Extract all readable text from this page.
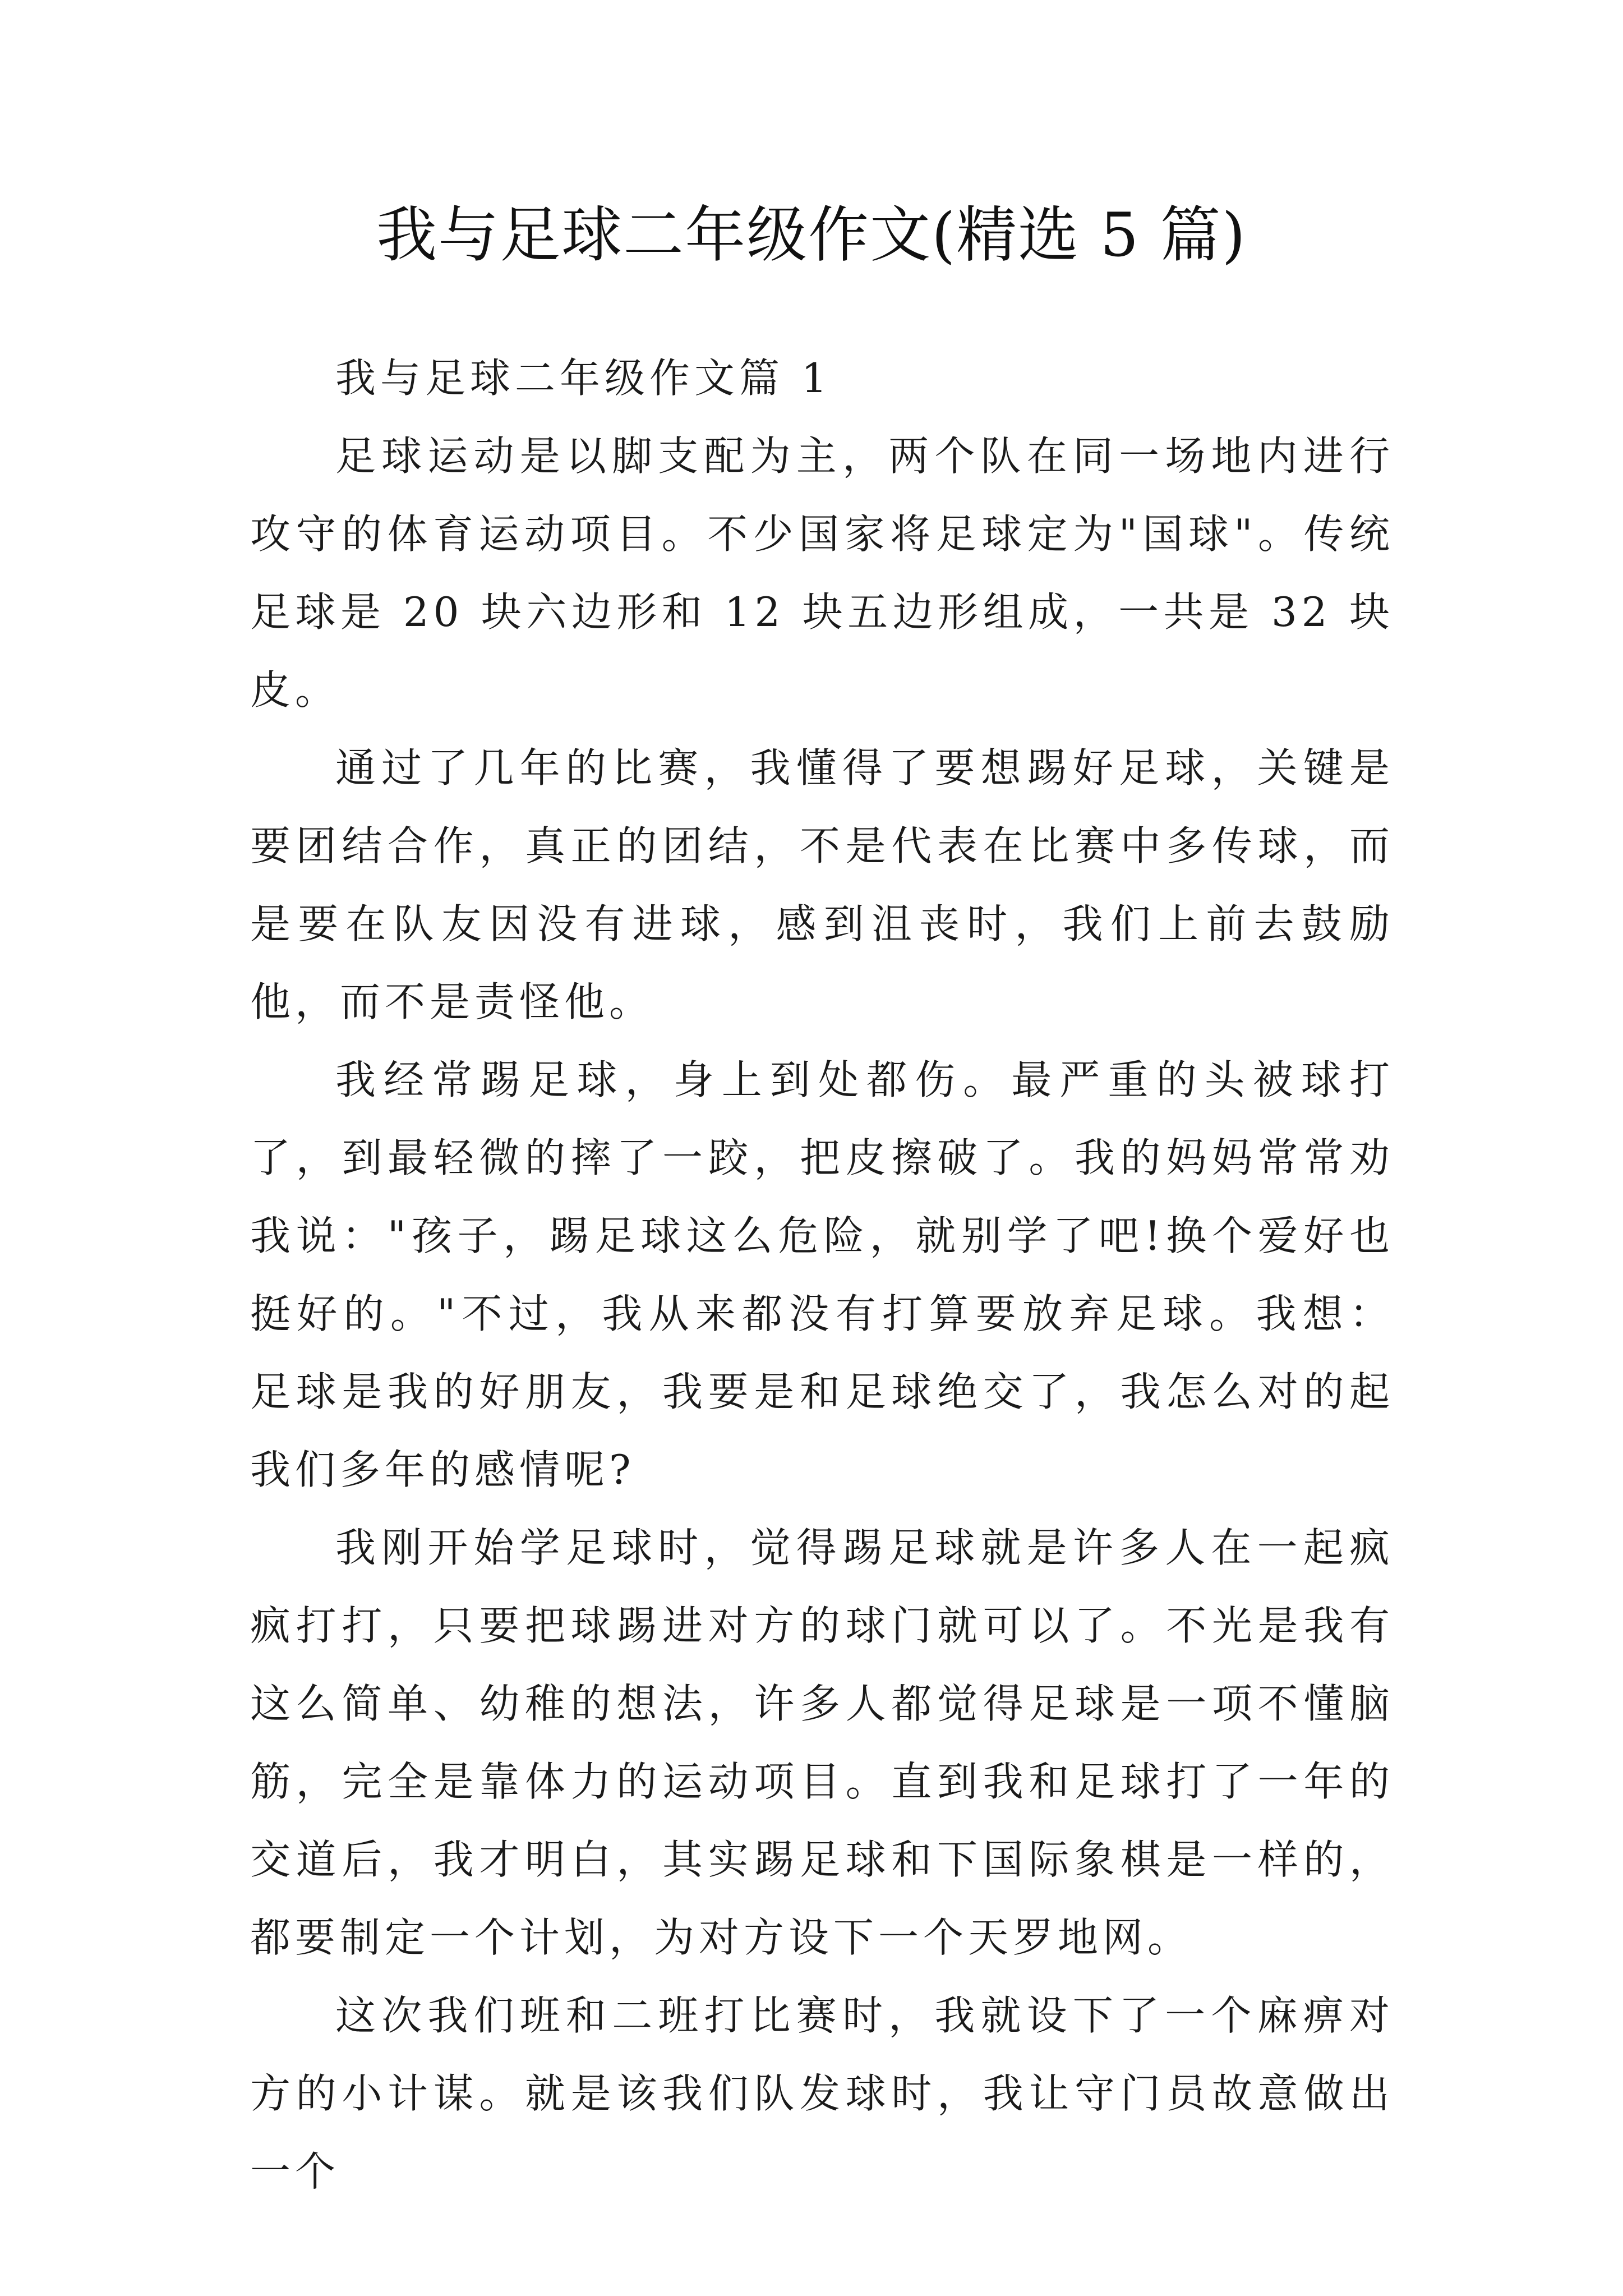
我与足球二年级作文(精选 5 篇)
我与足球二年级作文篇 1

足球运动是以脚支配为主，两个队在同一场地内进行攻守的体育运动项目。不少国家将足球定为"国球"。传统足球是 20 块六边形和 12 块五边形组成，一共是 32 块皮。

通过了几年的比赛，我懂得了要想踢好足球，关键是要团结合作，真正的团结，不是代表在比赛中多传球，而是要在队友因没有进球，感到沮丧时，我们上前去鼓励他，而不是责怪他。

我经常踢足球，身上到处都伤。最严重的头被球打了，到最轻微的摔了一跤，把皮擦破了。我的妈妈常常劝我说："孩子，踢足球这么危险，就别学了吧!换个爱好也挺好的。"不过，我从来都没有打算要放弃足球。我想：足球是我的好朋友，我要是和足球绝交了，我怎么对的起我们多年的感情呢?

我刚开始学足球时，觉得踢足球就是许多人在一起疯疯打打，只要把球踢进对方的球门就可以了。不光是我有这么简单、幼稚的想法，许多人都觉得足球是一项不懂脑筋，完全是靠体力的运动项目。直到我和足球打了一年的交道后，我才明白，其实踢足球和下国际象棋是一样的，都要制定一个计划，为对方设下一个天罗地网。

这次我们班和二班打比赛时，我就设下了一个麻痹对方的小计谋。就是该我们队发球时，我让守门员故意做出一个
